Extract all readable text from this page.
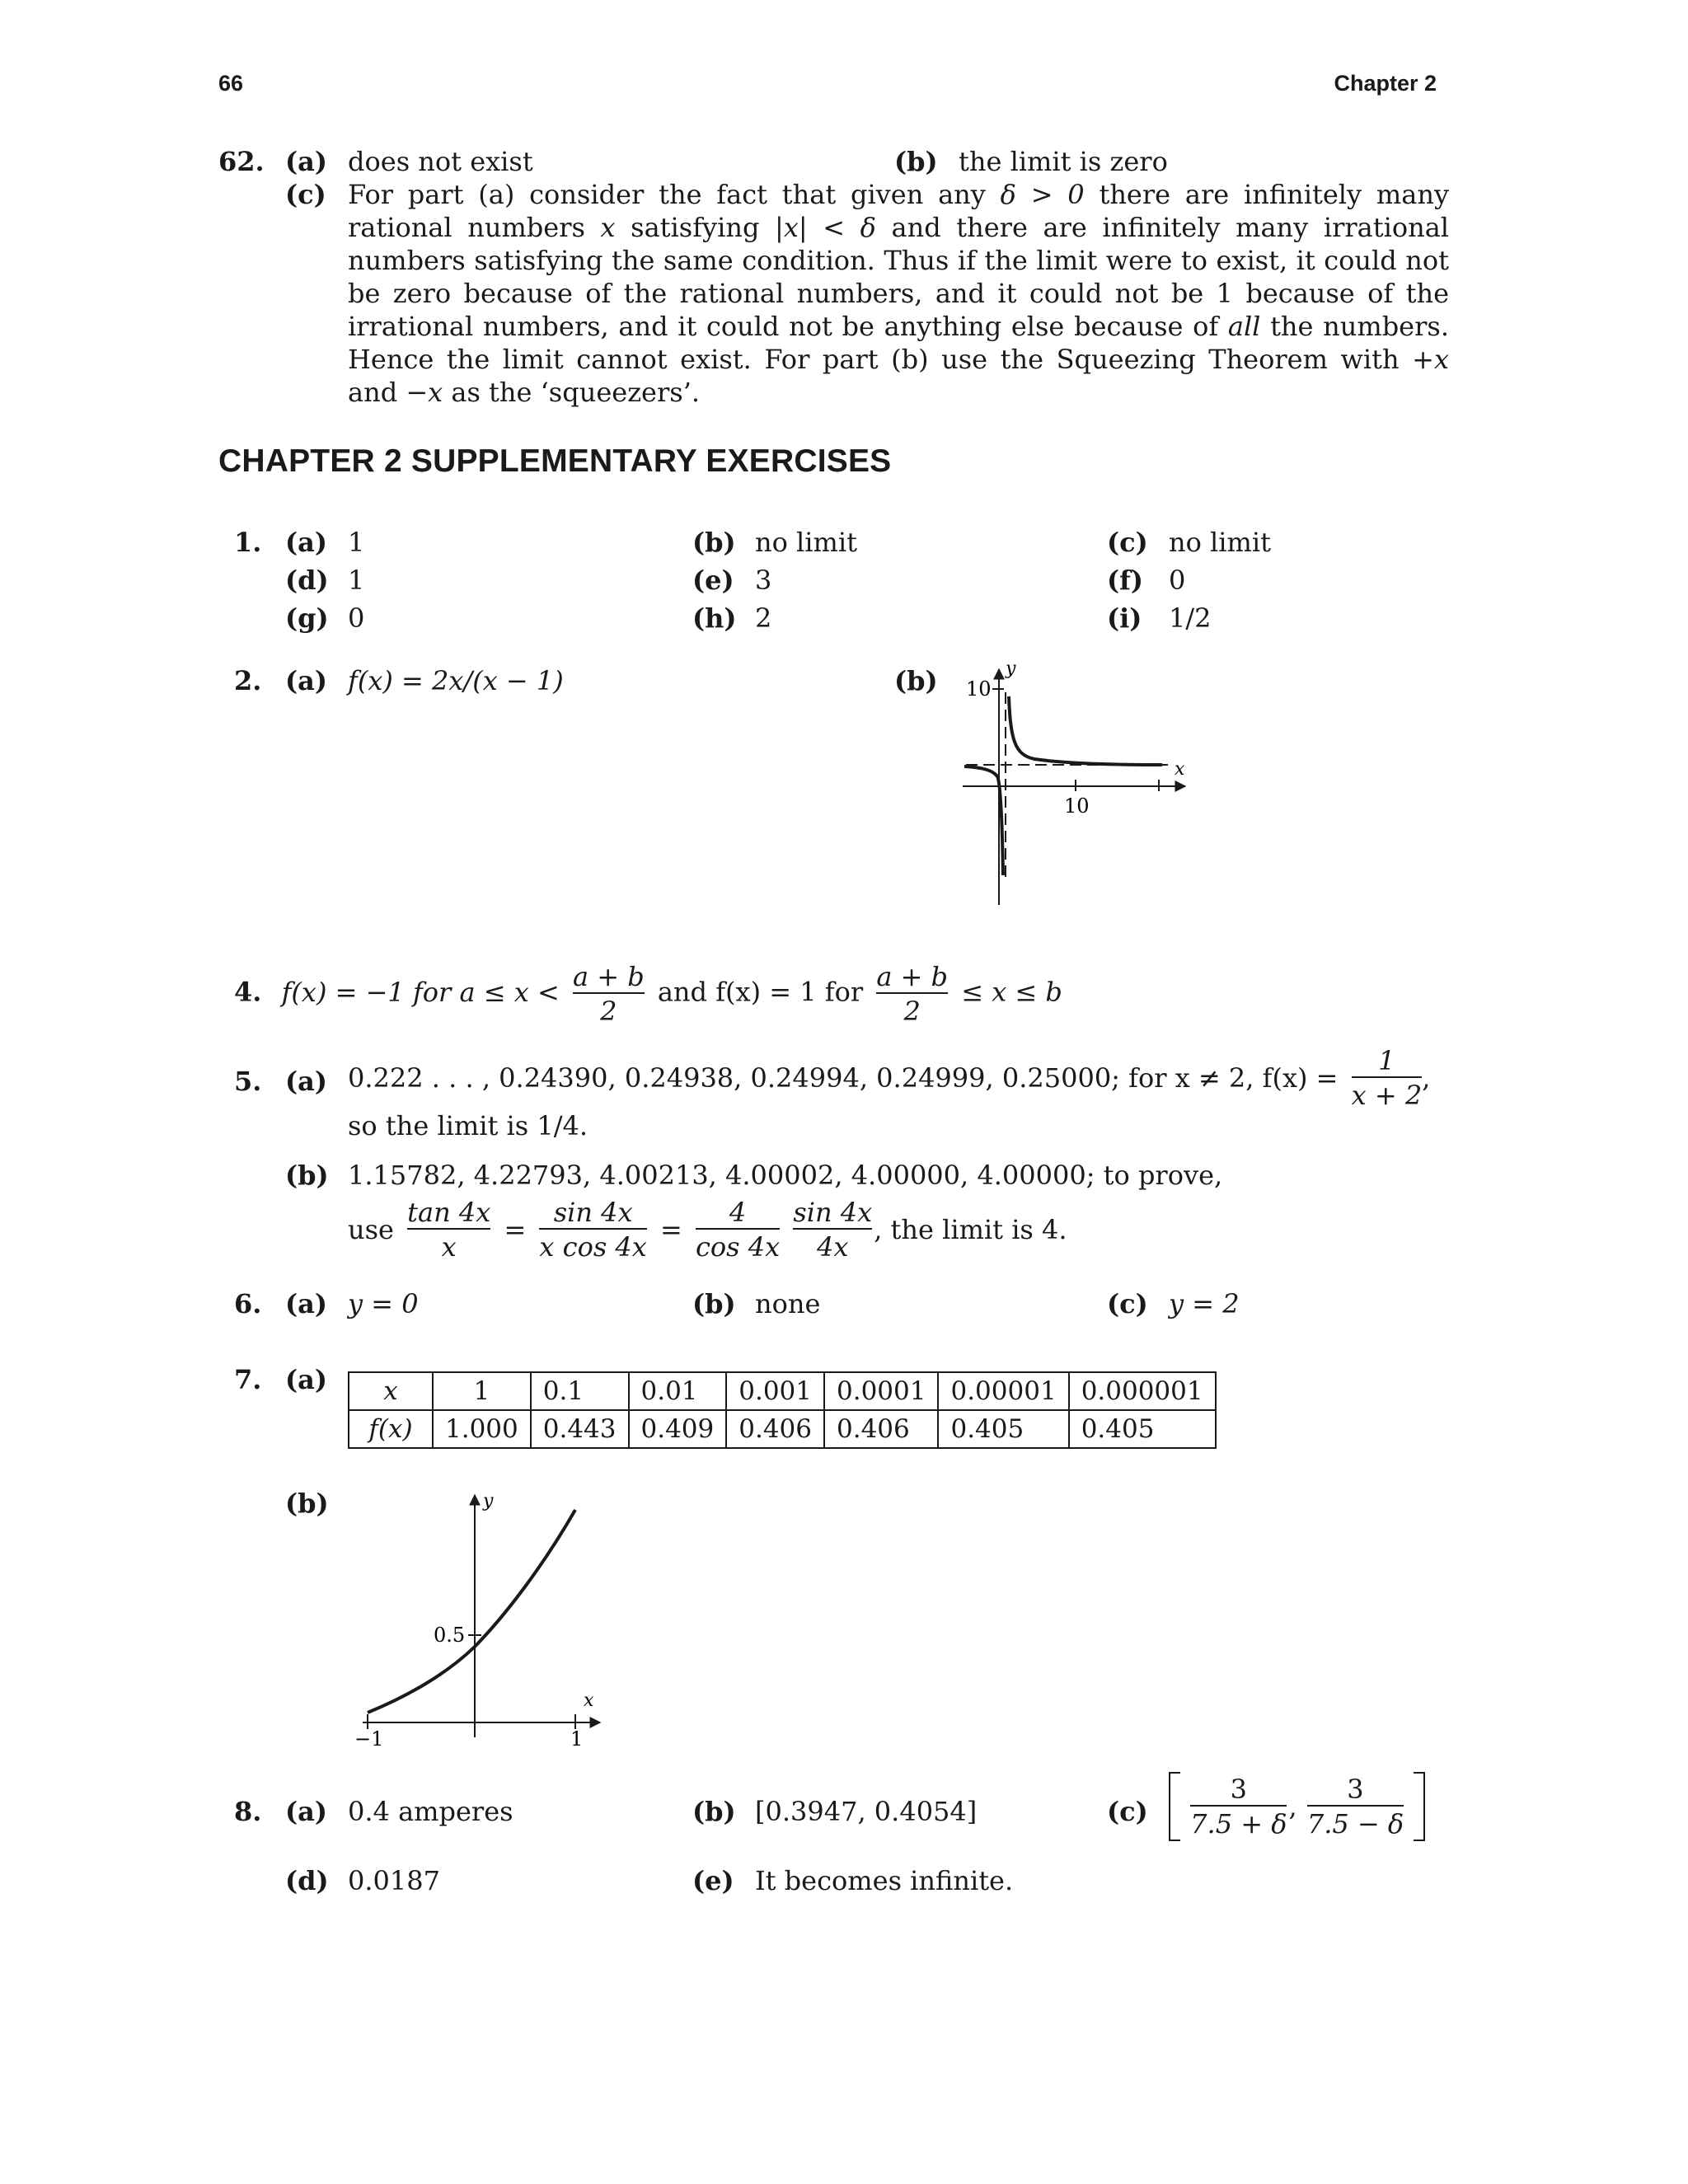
66	Chapter 2
62. (a) does not exist	(b) the limit is zero
(c) For part (a) consider the fact that given any δ > 0 there are infinitely many rational numbers x satisfying |x| < δ and there are infinitely many irrational numbers satisfying the same condition. Thus if the limit were to exist, it could not be zero because of the rational numbers, and it could not be 1 because of the irrational numbers, and it could not be anything else because of all the numbers. Hence the limit cannot exist. For part (b) use the Squeezing Theorem with +x and −x as the ‘squeezers’.
CHAPTER 2 SUPPLEMENTARY EXERCISES
1. (a) 1	(b) no limit	(c) no limit
(d) 1	(e) 3	(f) 0
(g) 0	(h) 2	(i) 1/2
2. (a) f(x) = 2x/(x − 1)	(b)	y
x
10
10
4. f(x) = −1 for $a \le x < \frac{a + b}{2}$ and f(x) = 1 for $\frac{a + b}{2} \le x \le b$
5. (a) 0.222 . . . , 0.24390, 0.24938, 0.24994, 0.24999, 0.25000; for x ≠ 2, $f(x) = \frac{1}{x + 2}$ ,
so the limit is 1/4.
(b) 1.15782, 4.22793, 4.00213, 4.00002, 4.00000, 4.00000; to prove,
use $\frac{\tan 4x}{x} = \frac{\sin 4x}{\text{x cos 4x}} = \frac{4}{\cos 4x}$
$\frac{\sin 4x}{4x}$ , the limit is 4.
6. (a) y = 0	(b) none	(c) y = 2
7. (a) x	1	0.1	0.01	0.001	0.0001	0.00001	0.000001
f(x)	1.000	0.443	0.409	0.406	0.406	0.405	0.405
(b)	y
x
0.5
−1	1
8. (a) 0.4 amperes	(b) [0.3947, 0.4054]	(c)
$\frac{3}{7.5 + \delta}$ , $\frac{3}{7.5 - \delta}$

(d) 0.0187	(e) It becomes infinite.
